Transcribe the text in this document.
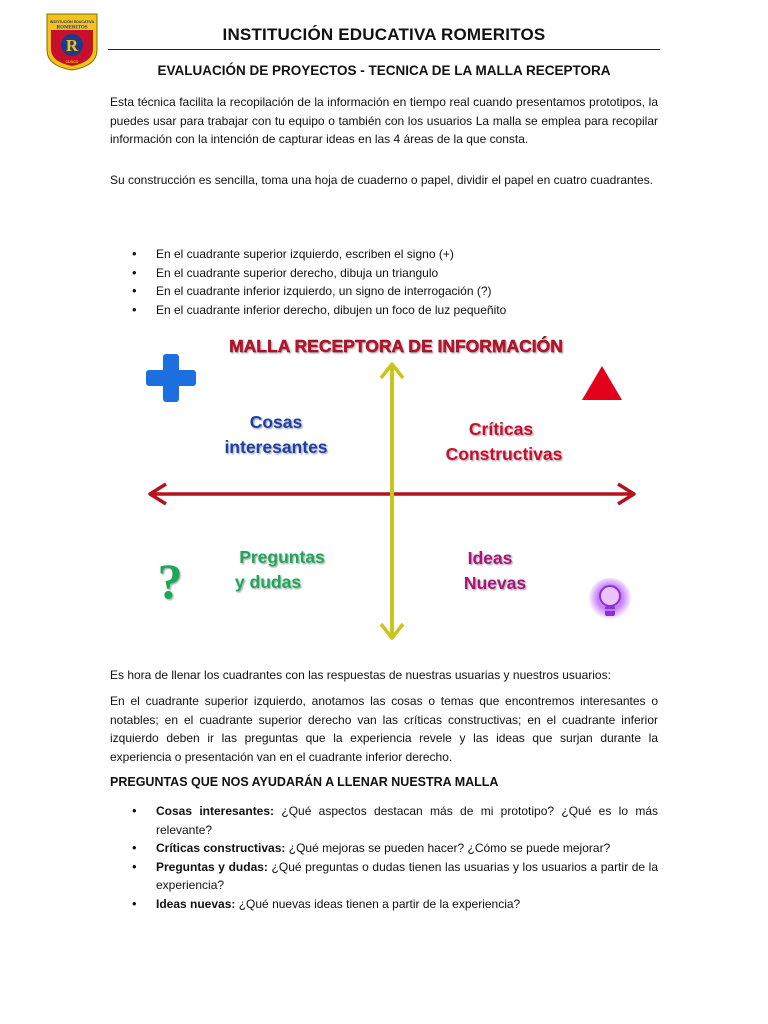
INSTITUCIÓN EDUCATIVA
ROMERITOS
R
CUSCO
INSTITUCIÓN EDUCATIVA ROMERITOS
EVALUACIÓN DE PROYECTOS - TECNICA DE LA MALLA RECEPTORA

Esta técnica facilita la recopilación de la información en tiempo real cuando presentamos prototipos, la puedes usar para trabajar con tu equipo o también con los usuarios La malla se emplea para recopilar información con la intención de capturar ideas en las 4 áreas de la que consta.

Su construcción es sencilla, toma una hoja de cuaderno o papel, dividir el papel en cuatro cuadrantes.

• En el cuadrante superior izquierdo, escriben el signo (+)
• En el cuadrante superior derecho, dibuja un triangulo
• En el cuadrante inferior izquierdo, un signo de interrogación (?)
• En el cuadrante inferior derecho, dibujen un foco de luz pequeñito
MALLA RECEPTORA DE INFORMACIÓN
?
Cosas
interesantes
Críticas
Constructivas
Preguntas
y dudas
Ideas
Nuevas

Es hora de llenar los cuadrantes con las respuestas de nuestras usuarias y nuestros usuarios:

En el cuadrante superior izquierdo, anotamos las cosas o temas que encontremos interesantes o notables; en el cuadrante superior derecho van las críticas constructivas; en el cuadrante inferior izquierdo deben ir las preguntas que la experiencia revele y las ideas que surjan durante la experiencia o presentación van en el cuadrante inferior derecho.

PREGUNTAS QUE NOS AYUDARÁN A LLENAR NUESTRA MALLA

• Cosas interesantes: ¿Qué aspectos destacan más de mi prototipo? ¿Qué es lo más relevante?
• Críticas constructivas: ¿Qué mejoras se pueden hacer? ¿Cómo se puede mejorar?
• Preguntas y dudas: ¿Qué preguntas o dudas tienen las usuarias y los usuarios a partir de la experiencia?
• Ideas nuevas: ¿Qué nuevas ideas tienen a partir de la experiencia?
